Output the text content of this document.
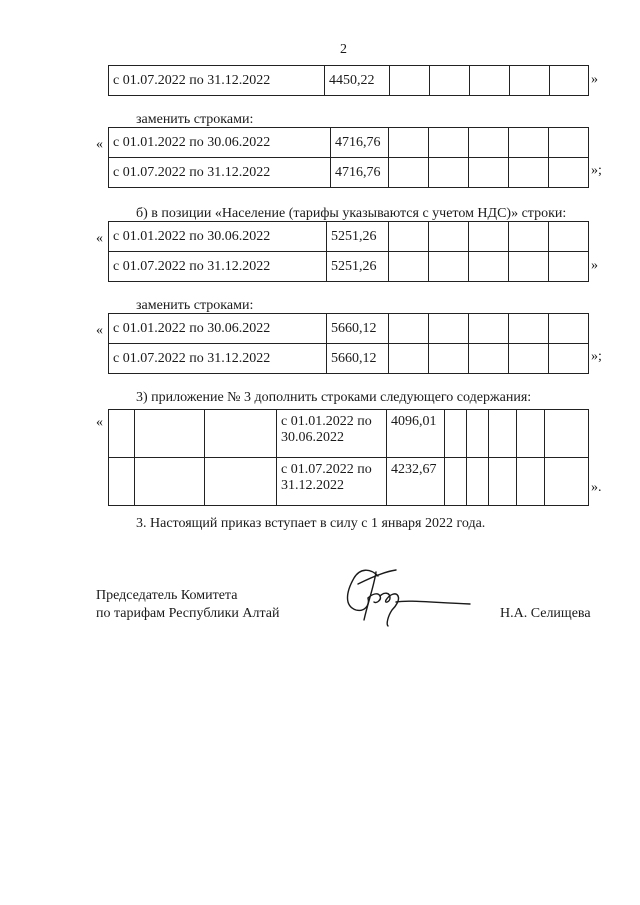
2
с 01.07.2022 по 31.12.2022	4450,22						»
заменить строками:
« с 01.01.2022 по 30.06.2022	4716,76					
с 01.07.2022 по 31.12.2022	4716,76						»;
б) в позиции «Население (тарифы указываются с учетом НДС)» строки:
« с 01.01.2022 по 30.06.2022	5251,26					
с 01.07.2022 по 31.12.2022	5251,26						»
заменить строками:
« с 01.01.2022 по 30.06.2022	5660,12					
с 01.07.2022 по 31.12.2022	5660,12						»;
3) приложение № 3 дополнить строками следующего содержания:
«

			с 01.01.2022 по
30.06.2022	4096,01					

			с 01.07.2022 по
31.12.2022	4232,67					
».
3. Настоящий приказ вступает в силу с 1 января 2022 года.
Председатель Комитета
по тарифам Республики Алтай	Н.А. Селищева
